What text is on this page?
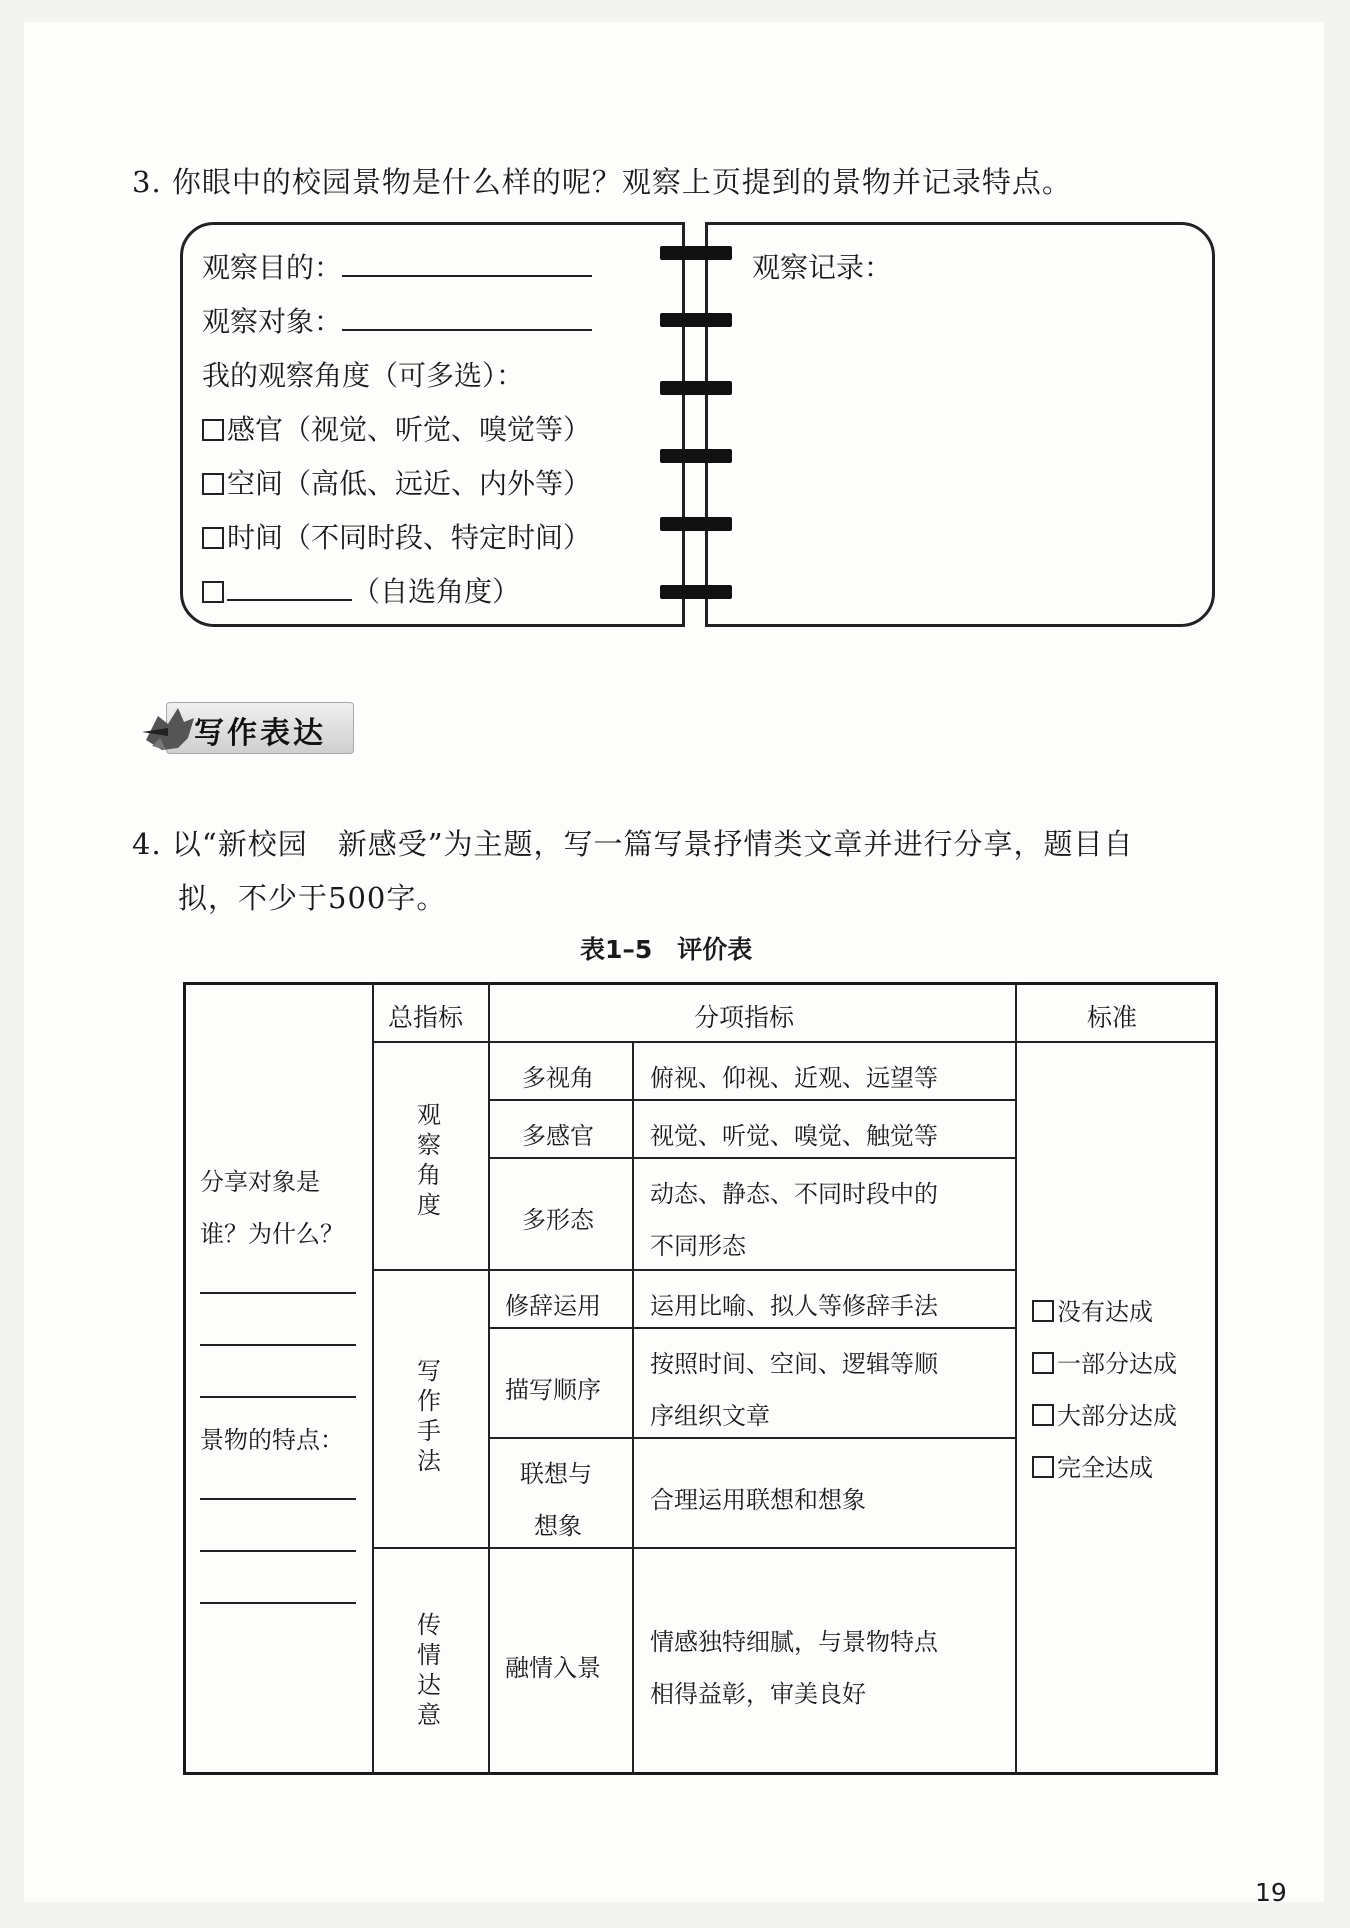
3. 你眼中的校园景物是什么样的呢？观察上页提到的景物并记录特点。
观察目的：
观察对象：
我的观察角度（可多选）：
感官（视觉、听觉、嗅觉等）
空间（高低、远近、内外等）
时间（不同时段、特定时间）
（自选角度）
观察记录：
写作表达
4. 以“新校园　新感受”为主题，写一篇写景抒情类文章并进行分享，题目自
拟，不少于500字。
表1–5　评价表
总指标	分项指标	标准
分享对象是
谁？为什么？
景物的特点：
观察角度
写作手法
传情达意
多视角 俯视、仰视、近观、远望等
多感官 视觉、听觉、嗅觉、触觉等
多形态
动态、静态、不同时段中的
不同形态
修辞运用 运用比喻、拟人等修辞手法
描写顺序
按照时间、空间、逻辑等顺
序组织文章
联想与
想象
合理运用联想和想象
融情入景
情感独特细腻，与景物特点
相得益彰，审美良好
没有达成
一部分达成
大部分达成
完全达成
19
